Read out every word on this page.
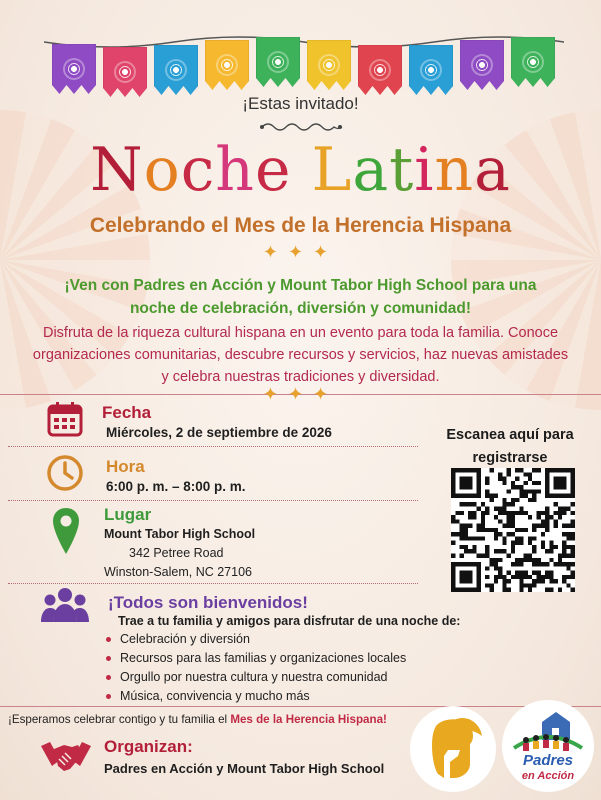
¡Estas invitado!
Noche Latina
Celebrando el Mes de la Herencia Hispana
✦✦✦
¡Ven con Padres en Acción y Mount Tabor High School para una noche de celebración, diversión y comunidad!
Disfruta de la riqueza cultural hispana en un evento para toda la familia. Conoce organizaciones comunitarias, descubre recursos y servicios, haz nuevas amistades y celebra nuestras tradiciones y diversidad.
✦✦✦
Fecha
Miércoles, 2 de septiembre de 2026
Hora
6:00 p. m. – 8:00 p. m.
Lugar
Mount Tabor High School
342 Petree Road
Winston-Salem, NC 27106
Escanea aquí para
registrarse
¡Todos son bienvenidos!
Trae a tu familia y amigos para disfrutar de una noche de:
Celebración y diversión
Recursos para las familias y organizaciones locales
Orgullo por nuestra cultura y nuestra comunidad
Música, convivencia y mucho más
¡Esperamos celebrar contigo y tu familia el Mes de la Herencia Hispana!
Organizan:
Padres en Acción y Mount Tabor High School	Padres
en Acción
